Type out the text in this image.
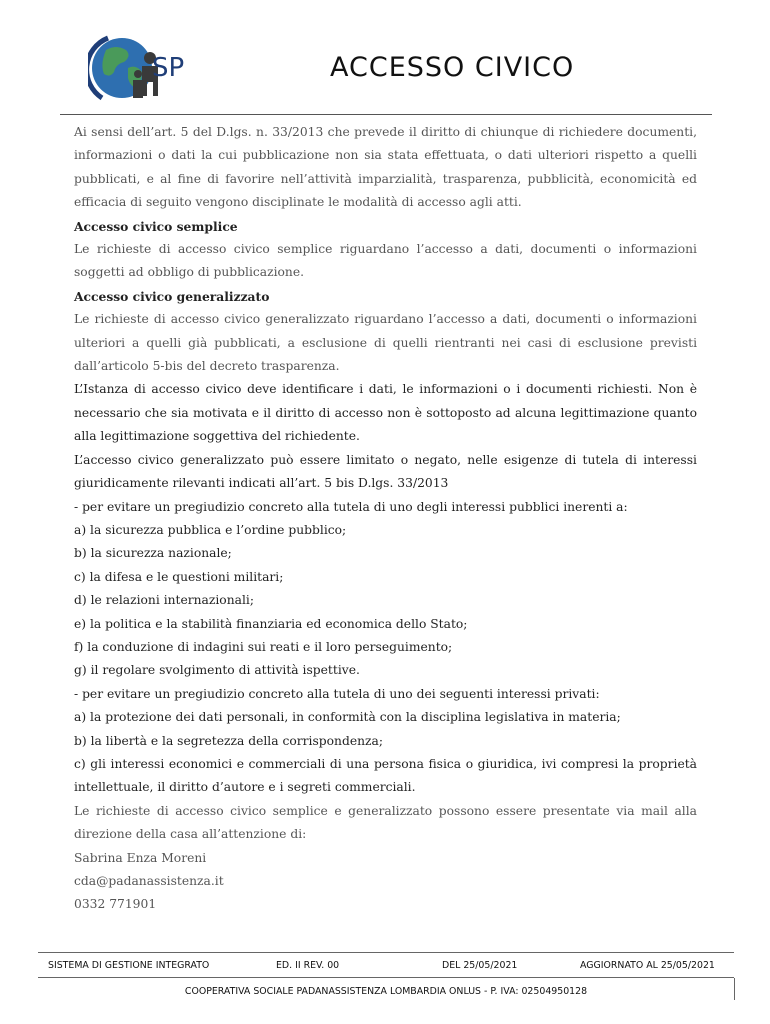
SP	ACCESSO CIVICO

Ai sensi dell’art. 5 del D.lgs. n. 33/2013 che prevede il diritto di chiunque di richiedere documenti, informazioni o dati la cui pubblicazione non sia stata effettuata, o dati ulteriori rispetto a quelli pubblicati, e al fine di favorire nell’attività imparzialità, trasparenza, pubblicità, economicità ed efficacia di seguito vengono disciplinate le modalità di accesso agli atti.

Accesso civico semplice

Le richieste di accesso civico semplice riguardano l’accesso a dati, documenti o informazioni soggetti ad obbligo di pubblicazione.

Accesso civico generalizzato

Le richieste di accesso civico generalizzato riguardano l’accesso a dati, documenti o informazioni ulteriori a quelli già pubblicati, a esclusione di quelli rientranti nei casi di esclusione previsti dall’articolo 5-bis del decreto trasparenza.

L’Istanza di accesso civico deve identificare i dati, le informazioni o i documenti richiesti. Non è necessario che sia motivata e il diritto di accesso non è sottoposto ad alcuna legittimazione quanto alla legittimazione soggettiva del richiedente.

L’accesso civico generalizzato può essere limitato o negato, nelle esigenze di tutela di interessi giuridicamente rilevanti indicati all’art. 5 bis D.lgs. 33/2013

- per evitare un pregiudizio concreto alla tutela di uno degli interessi pubblici inerenti a:

a) la sicurezza pubblica e l’ordine pubblico;

b) la sicurezza nazionale;

c) la difesa e le questioni militari;

d) le relazioni internazionali;

e) la politica e la stabilità finanziaria ed economica dello Stato;

f) la conduzione di indagini sui reati e il loro perseguimento;

g) il regolare svolgimento di attività ispettive.

- per evitare un pregiudizio concreto alla tutela di uno dei seguenti interessi privati:

a) la protezione dei dati personali, in conformità con la disciplina legislativa in materia;

b) la libertà e la segretezza della corrispondenza;

c) gli interessi economici e commerciali di una persona fisica o giuridica, ivi compresi la proprietà intellettuale, il diritto d’autore e i segreti commerciali.

Le richieste di accesso civico semplice e generalizzato possono essere presentate via mail alla direzione della casa all’attenzione di:

Sabrina Enza Moreni

cda@padanassistenza.it

0332 771901

SISTEMA DI GESTIONE INTEGRATO	ED. II REV. 00	DEL 25/05/2021	AGGIORNATO AL 25/05/2021
COOPERATIVA SOCIALE PADANASSISTENZA LOMBARDIA ONLUS - P. IVA: 02504950128
